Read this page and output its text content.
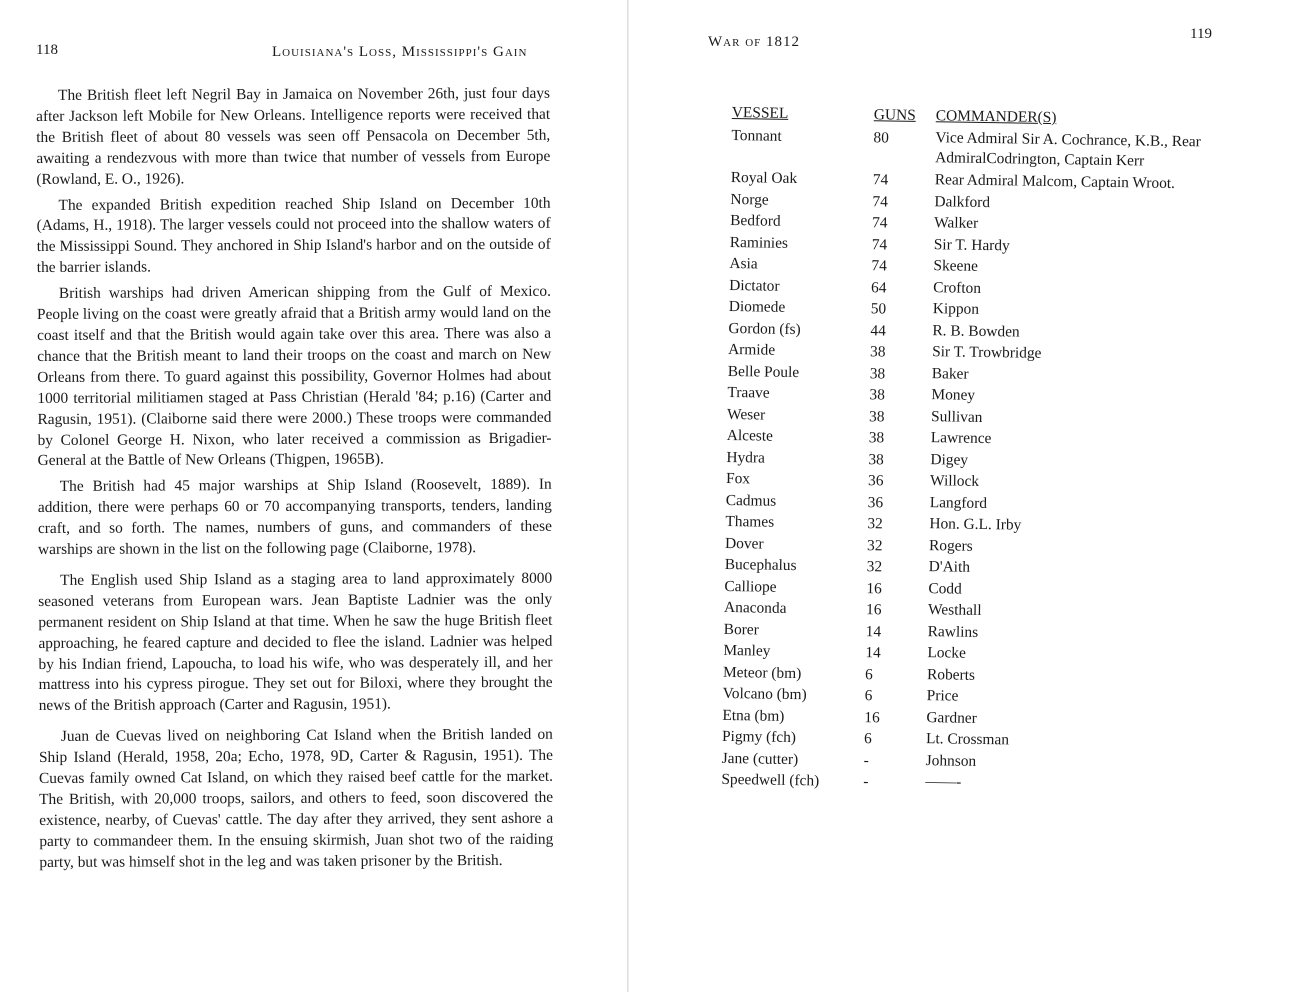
118	Louisiana's Loss, Mississippi's Gain

The British fleet left Negril Bay in Jamaica on November 26th, just four days after Jackson left Mobile for New Orleans. Intelligence reports were received that the British fleet of about 80 vessels was seen off Pensacola on December 5th, awaiting a rendezvous with more than twice that number of vessels from Europe (Rowland, E. O., 1926).

The expanded British expedition reached Ship Island on December 10th (Adams, H., 1918). The larger vessels could not proceed into the shallow waters of the Mississippi Sound. They anchored in Ship Island's harbor and on the outside of the barrier islands.

British warships had driven American shipping from the Gulf of Mexico. People living on the coast were greatly afraid that a British army would land on the coast itself and that the British would again take over this area. There was also a chance that the British meant to land their troops on the coast and march on New Orleans from there. To guard against this possibility, Governor Holmes had about 1000 territorial militiamen staged at Pass Christian (Herald '84; p.16) (Carter and Ragusin, 1951). (Claiborne said there were 2000.) These troops were commanded by Colonel George H. Nixon, who later received a commission as Brigadier-General at the Battle of New Orleans (Thigpen, 1965B).

The British had 45 major warships at Ship Island (Roosevelt, 1889). In addition, there were perhaps 60 or 70 accompanying transports, tenders, landing craft, and so forth. The names, numbers of guns, and commanders of these warships are shown in the list on the following page (Claiborne, 1978).

The English used Ship Island as a staging area to land approximately 8000 seasoned veterans from European wars. Jean Baptiste Ladnier was the only permanent resident on Ship Island at that time. When he saw the huge British fleet approaching, he feared capture and decided to flee the island. Ladnier was helped by his Indian friend, Lapoucha, to load his wife, who was desperately ill, and her mattress into his cypress pirogue. They set out for Biloxi, where they brought the news of the British approach (Carter and Ragusin, 1951).

Juan de Cuevas lived on neighboring Cat Island when the British landed on Ship Island (Herald, 1958, 20a; Echo, 1978, 9D, Carter & Ragusin, 1951). The Cuevas family owned Cat Island, on which they raised beef cattle for the market. The British, with 20,000 troops, sailors, and others to feed, soon discovered the existence, nearby, of Cuevas' cattle. The day after they arrived, they sent ashore a party to commandeer them. In the ensuing skirmish, Juan shot two of the raiding party, but was himself shot in the leg and was taken prisoner by the British.

War of 1812	119
VESSEL	GUNS	COMMANDER(S)
Tonnant	80	Vice Admiral Sir A. Cochrance, K.B., Rear AdmiralCodrington, Captain Kerr
Royal Oak	74	Rear Admiral Malcom, Captain Wroot.
Norge	74	Dalkford
Bedford	74	Walker
Raminies	74	Sir T. Hardy
Asia	74	Skeene
Dictator	64	Crofton
Diomede	50	Kippon
Gordon (fs)	44	R. B. Bowden
Armide	38	Sir T. Trowbridge
Belle Poule	38	Baker
Traave	38	Money
Weser	38	Sullivan
Alceste	38	Lawrence
Hydra	38	Digey
Fox	36	Willock
Cadmus	36	Langford
Thames	32	Hon. G.L. Irby
Dover	32	Rogers
Bucephalus	32	D'Aith
Calliope	16	Codd
Anaconda	16	Westhall
Borer	14	Rawlins
Manley	14	Locke
Meteor (bm)	6	Roberts
Volcano (bm)	6	Price
Etna (bm)	16	Gardner
Pigmy (fch)	6	Lt. Crossman
Jane (cutter)	-	Johnson
Speedwell (fch)	-	——-
